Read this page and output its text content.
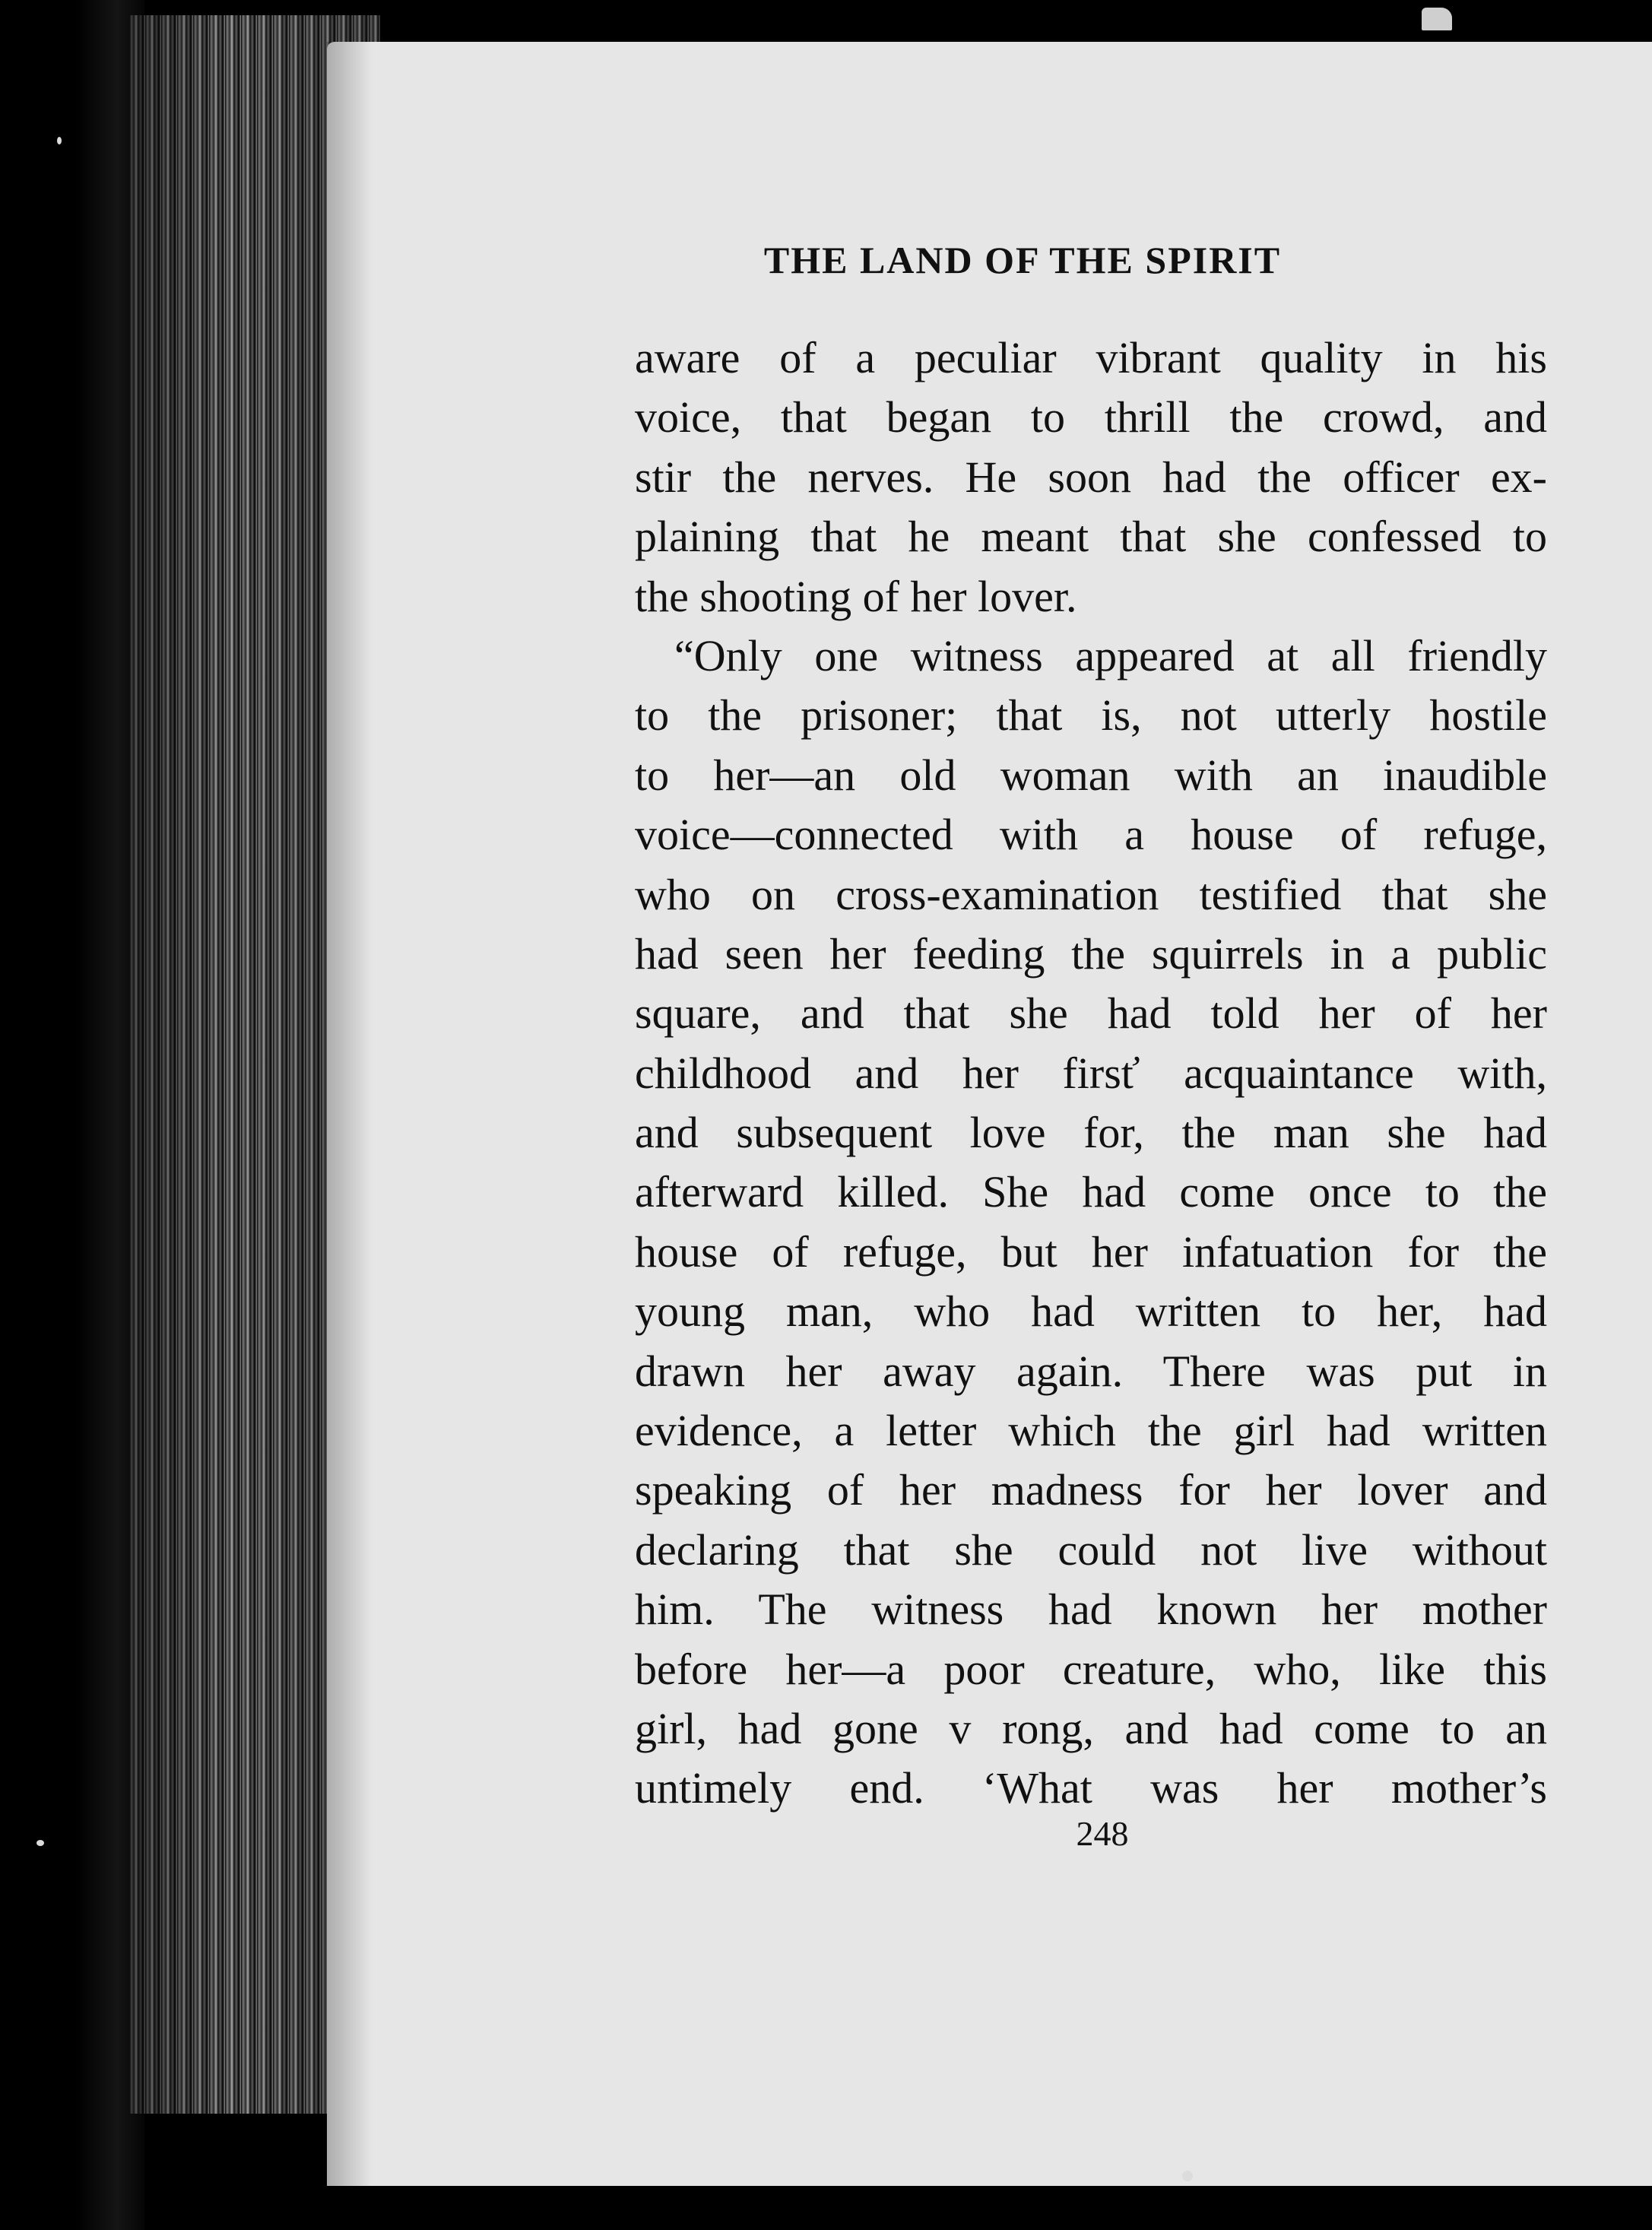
THE LAND OF THE SPIRIT
aware of a peculiar vibrant quality in his
voice, that began to thrill the crowd, and
stir the nerves. He soon had the officer ex-
plaining that he meant that she confessed to
the shooting of her lover.
“Only one witness appeared at all friendly
to the prisoner; that is, not utterly hostile
to her—an old woman with an inaudible
voice—connected with a house of refuge,
who on cross-examination testified that she
had seen her feeding the squirrels in a public
square, and that she had told her of her
childhood and her firsť acquaintance with,
and subsequent love for, the man she had
afterward killed. She had come once to the
house of refuge, but her infatuation for the
young man, who had written to her, had
drawn her away again. There was put in
evidence, a letter which the girl had written
speaking of her madness for her lover and
declaring that she could not live without
him. The witness had known her mother
before her—a poor creature, who, like this
girl, had gone v rong, and had come to an
untimely end. ‘What was her mother’s
248
